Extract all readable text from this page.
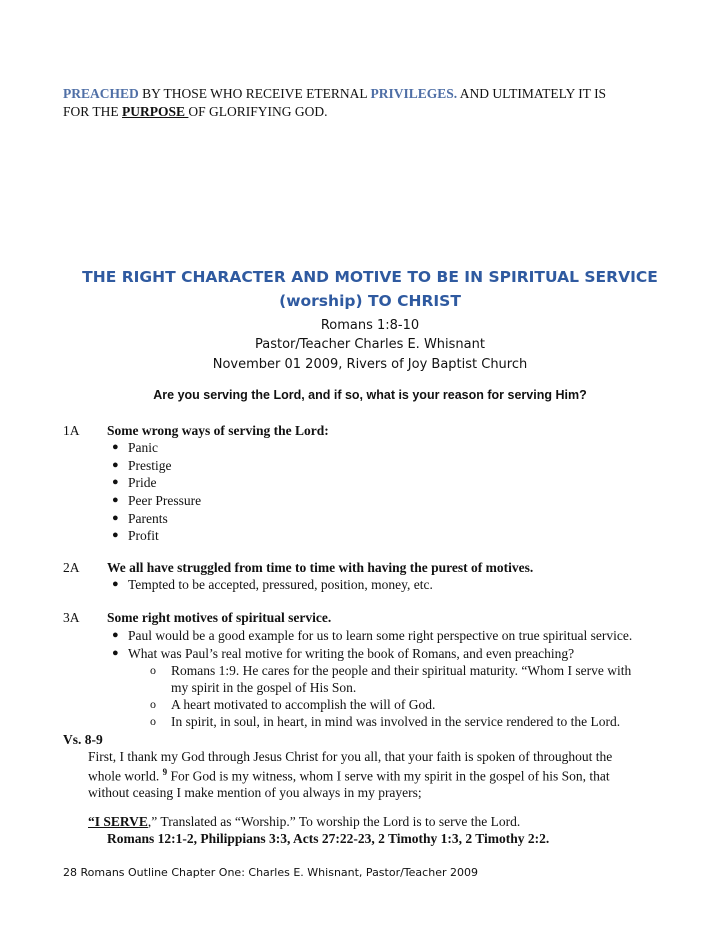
PREACHED BY THOSE WHO RECEIVE ETERNAL PRIVILEGES. AND ULTIMATELY IT IS
FOR THE PURPOSE OF GLORIFYING GOD.
THE RIGHT CHARACTER AND MOTIVE TO BE IN SPIRITUAL SERVICE
(worship) TO CHRIST
Romans 1:8-10
Pastor/Teacher Charles E. Whisnant
November 01 2009, Rivers of Joy Baptist Church
Are you serving the Lord, and if so, what is your reason for serving Him?
1A Some wrong ways of serving the Lord:
● Panic
● Prestige
● Pride
● Peer Pressure
● Parents
● Profit
2A We all have struggled from time to time with having the purest of motives.
● Tempted to be accepted, pressured, position, money, etc.
3A Some right motives of spiritual service.
● Paul would be a good example for us to learn some right perspective on true spiritual service.
● What was Paul’s real motive for writing the book of Romans, and even preaching?
o Romans 1:9. He cares for the people and their spiritual maturity. “Whom I serve with
my spirit in the gospel of His Son.
o A heart motivated to accomplish the will of God.
o In spirit, in soul, in heart, in mind was involved in the service rendered to the Lord.
Vs. 8-9
First, I thank my God through Jesus Christ for you all, that your faith is spoken of throughout the
whole world. $^9$ For God is my witness, whom I serve with my spirit in the gospel of his Son, that
without ceasing I make mention of you always in my prayers;
“I SERVE,” Translated as “Worship.” To worship the Lord is to serve the Lord.
Romans 12:1-2, Philippians 3:3, Acts 27:22-23, 2 Timothy 1:3, 2 Timothy 2:2.
28 Romans Outline Chapter One: Charles E. Whisnant, Pastor/Teacher 2009
